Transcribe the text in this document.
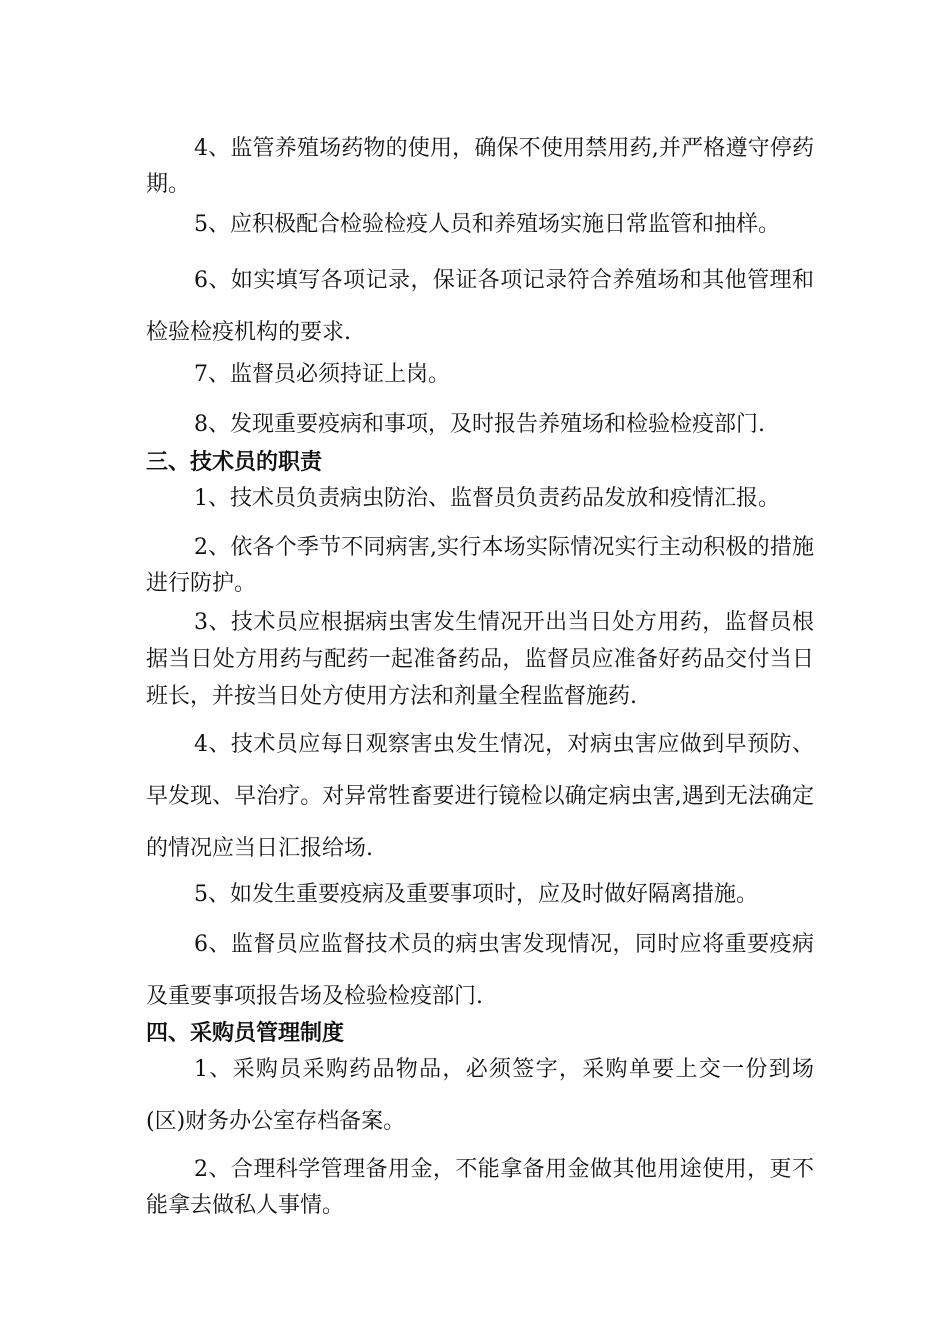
4、监管养殖场药物的使用，确保不使用禁用药,并严格遵守停药期。

5、应积极配合检验检疫人员和养殖场实施日常监管和抽样。

6、如实填写各项记录，保证各项记录符合养殖场和其他管理和检验检疫机构的要求.

7、监督员必须持证上岗。

8、发现重要疫病和事项，及时报告养殖场和检验检疫部门.

三、技术员的职责

1、技术员负责病虫防治、监督员负责药品发放和疫情汇报。

2、依各个季节不同病害,实行本场实际情况实行主动积极的措施进行防护。

3、技术员应根据病虫害发生情况开出当日处方用药，监督员根据当日处方用药与配药一起准备药品，监督员应准备好药品交付当日班长，并按当日处方使用方法和剂量全程监督施药.

4、技术员应每日观察害虫发生情况，对病虫害应做到早预防、早发现、早治疗。对异常牲畜要进行镜检以确定病虫害,遇到无法确定的情况应当日汇报给场.

5、如发生重要疫病及重要事项时，应及时做好隔离措施。

6、监督员应监督技术员的病虫害发现情况，同时应将重要疫病及重要事项报告场及检验检疫部门.

四、采购员管理制度

1、采购员采购药品物品，必须签字，采购单要上交一份到场(区)财务办公室存档备案。

2、合理科学管理备用金，不能拿备用金做其他用途使用，更不能拿去做私人事情。
